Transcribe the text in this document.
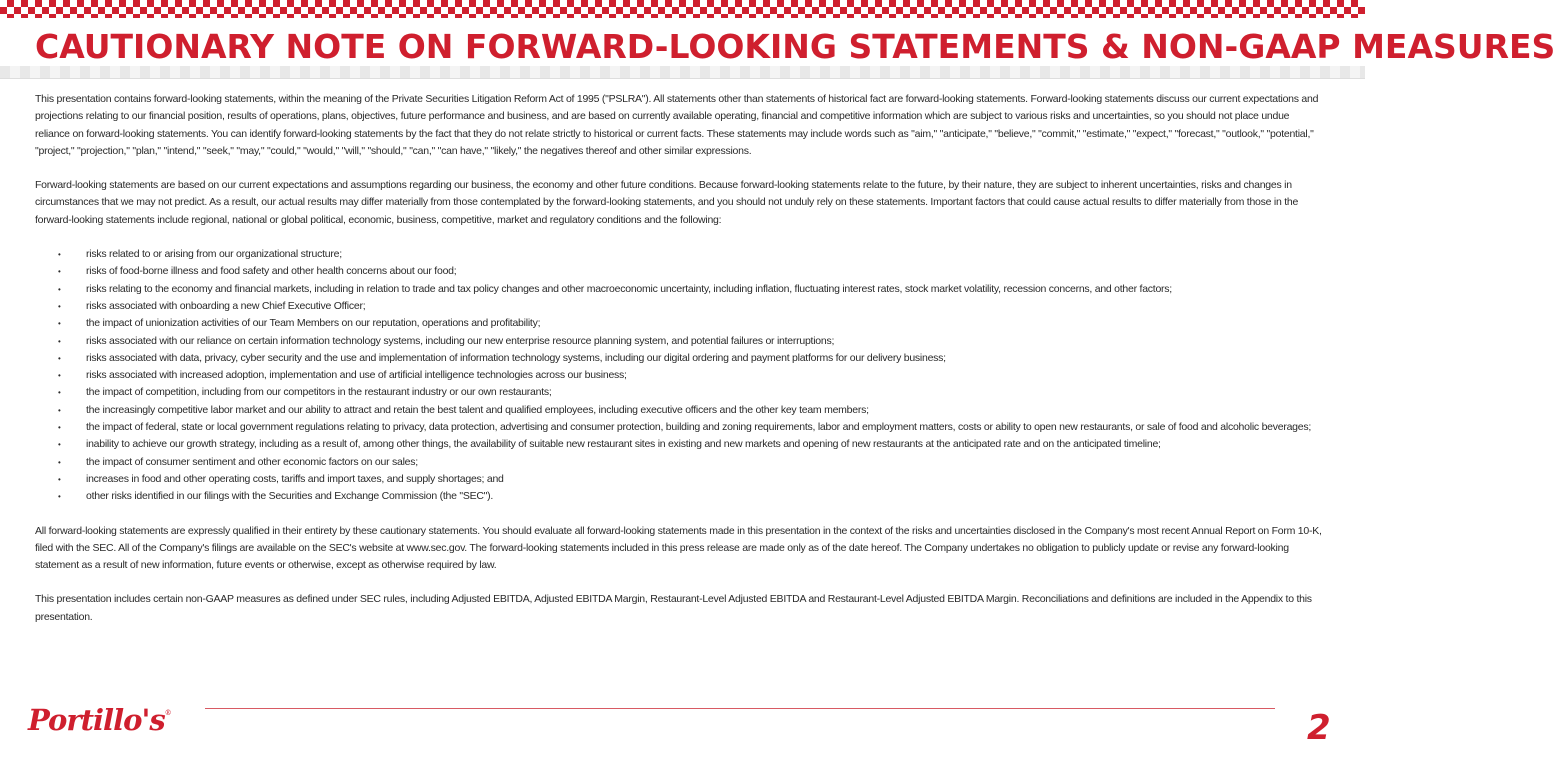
CAUTIONARY NOTE ON FORWARD-LOOKING STATEMENTS & NON-GAAP MEASURES

This presentation contains forward-looking statements, within the meaning of the Private Securities Litigation Reform Act of 1995 ("PSLRA"). All statements other than statements of historical fact are forward-looking statements. Forward-looking statements discuss our current expectations and projections relating to our financial position, results of operations, plans, objectives, future performance and business, and are based on currently available operating, financial and competitive information which are subject to various risks and uncertainties, so you should not place undue reliance on forward-looking statements. You can identify forward-looking statements by the fact that they do not relate strictly to historical or current facts. These statements may include words such as "aim," "anticipate," "believe," "commit," "estimate," "expect," "forecast," "outlook," "potential," "project," "projection," "plan," "intend," "seek," "may," "could," "would," "will," "should," "can," "can have," "likely," the negatives thereof and other similar expressions.

Forward-looking statements are based on our current expectations and assumptions regarding our business, the economy and other future conditions. Because forward-looking statements relate to the future, by their nature, they are subject to inherent uncertainties, risks and changes in circumstances that we may not predict. As a result, our actual results may differ materially from those contemplated by the forward-looking statements, and you should not unduly rely on these statements. Important factors that could cause actual results to differ materially from those in the forward-looking statements include regional, national or global political, economic, business, competitive, market and regulatory conditions and the following:

• risks related to or arising from our organizational structure;
• risks of food-borne illness and food safety and other health concerns about our food;
• risks relating to the economy and financial markets, including in relation to trade and tax policy changes and other macroeconomic uncertainty, including inflation, fluctuating interest rates, stock market volatility, recession concerns, and other factors;
• risks associated with onboarding a new Chief Executive Officer;
• the impact of unionization activities of our Team Members on our reputation, operations and profitability;
• risks associated with our reliance on certain information technology systems, including our new enterprise resource planning system, and potential failures or interruptions;
• risks associated with data, privacy, cyber security and the use and implementation of information technology systems, including our digital ordering and payment platforms for our delivery business;
• risks associated with increased adoption, implementation and use of artificial intelligence technologies across our business;
• the impact of competition, including from our competitors in the restaurant industry or our own restaurants;
• the increasingly competitive labor market and our ability to attract and retain the best talent and qualified employees, including executive officers and the other key team members;
• the impact of federal, state or local government regulations relating to privacy, data protection, advertising and consumer protection, building and zoning requirements, labor and employment matters, costs or ability to open new restaurants, or sale of food and alcoholic beverages;
• inability to achieve our growth strategy, including as a result of, among other things, the availability of suitable new restaurant sites in existing and new markets and opening of new restaurants at the anticipated rate and on the anticipated timeline;
• the impact of consumer sentiment and other economic factors on our sales;
• increases in food and other operating costs, tariffs and import taxes, and supply shortages; and
• other risks identified in our filings with the Securities and Exchange Commission (the "SEC").

All forward-looking statements are expressly qualified in their entirety by these cautionary statements. You should evaluate all forward-looking statements made in this presentation in the context of the risks and uncertainties disclosed in the Company's most recent Annual Report on Form 10-K, filed with the SEC. All of the Company's filings are available on the SEC's website at www.sec.gov. The forward-looking statements included in this press release are made only as of the date hereof. The Company undertakes no obligation to publicly update or revise any forward-looking statement as a result of new information, future events or otherwise, except as otherwise required by law.

This presentation includes certain non-GAAP measures as defined under SEC rules, including Adjusted EBITDA, Adjusted EBITDA Margin, Restaurant-Level Adjusted EBITDA and Restaurant-Level Adjusted EBITDA Margin. Reconciliations and definitions are included in the Appendix to this presentation.

Portillo's®	2
